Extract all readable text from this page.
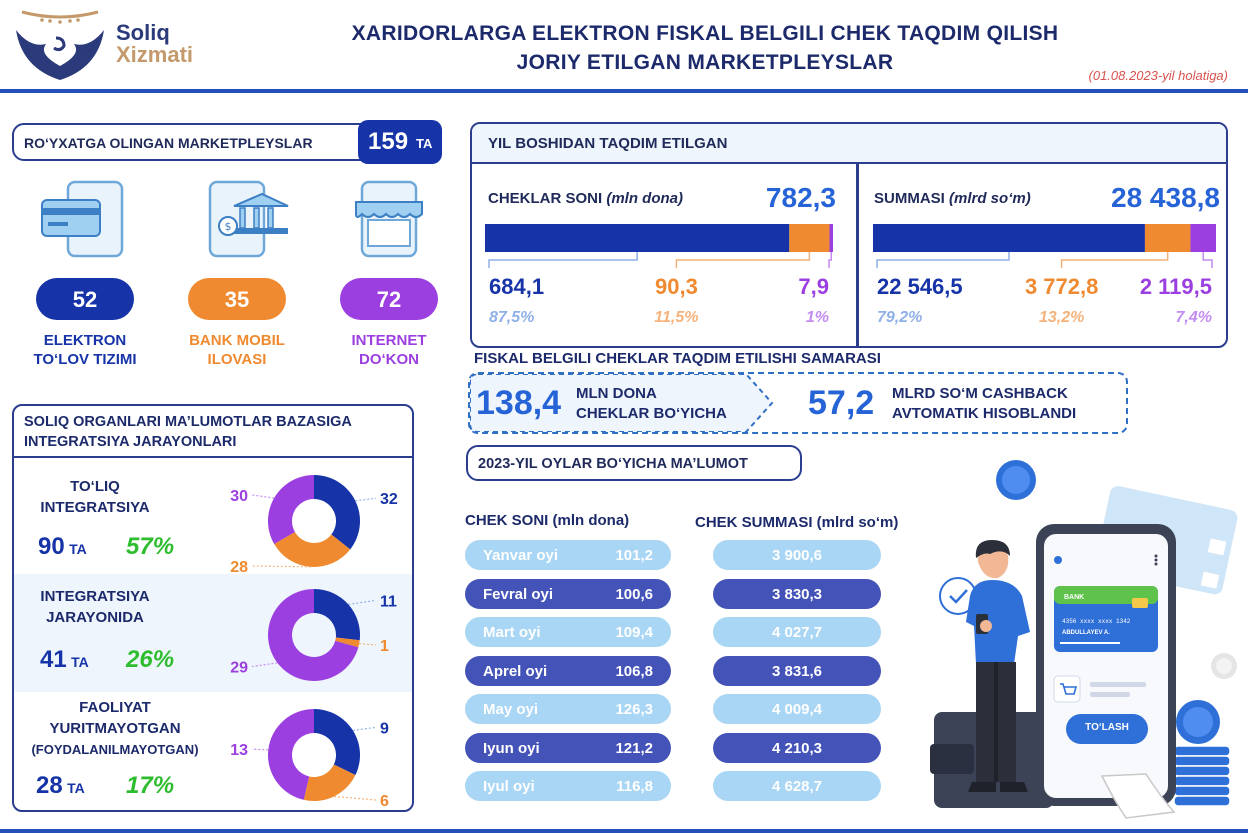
Soliq
Xizmati
XARIDORLARGA ELEKTRON FISKAL BELGILI CHEK TAQDIM QILISH
JORIY ETILGAN MARKETPLEYSLAR
(01.08.2023-yil holatiga)
RO‘YXATGA OLINGAN MARKETPLEYSLAR 159 TA
$
52	35	72
ELEKTRON
TO‘LOV TIZIMI
BANK MOBIL
ILOVASI
INTERNET
DO‘KON
SOLIQ ORGANLARI MA’LUMOTLAR BAZASIGA
INTEGRATSIYA JARAYONLARI
TO‘LIQ
INTEGRATSIYA
90 TA 57%
INTEGRATSIYA
JARAYONIDA
41 TA 26%
FAOLIYAT
YURITMAYOTGAN
(FOYDALANILMAYOTGAN)
28 TA 17%
32
28
30
11
1
29
9
6
13
YIL BOSHIDAN TAQDIM ETILGAN
CHEKLAR SONI (mln dona)	782,3	SUMMASI (mlrd so‘m)	28 438,8
684,1
87,5%
90,3
11,5%
7,9
1%
22 546,5
79,2%
3 772,8
13,2%
2 119,5
7,4%
FISKAL BELGILI CHEKLAR TAQDIM ETILISHI SAMARASI
138,4 MLN DONA
CHEKLAR BO‘YICHA 57,2 MLRD SO‘M CASHBACK
AVTOMATIK HISOBLANDI
2023-YIL OYLAR BO‘YICHA MA’LUMOT
CHEK SONI (mln dona)	CHEK SUMMASI (mlrd so‘m)
Yanvar oyi	101,2	3 900,6
Fevral oyi	100,6	3 830,3
Mart oyi	109,4	4 027,7
Aprel oyi	106,8	3 831,6
May oyi	126,3	4 009,4
Iyun oyi	121,2	4 210,3
Iyul oyi	116,8	4 628,7
BANK
4356 xxxx xxxx 1342
ABDULLAYEV A.
TO‘LASH
